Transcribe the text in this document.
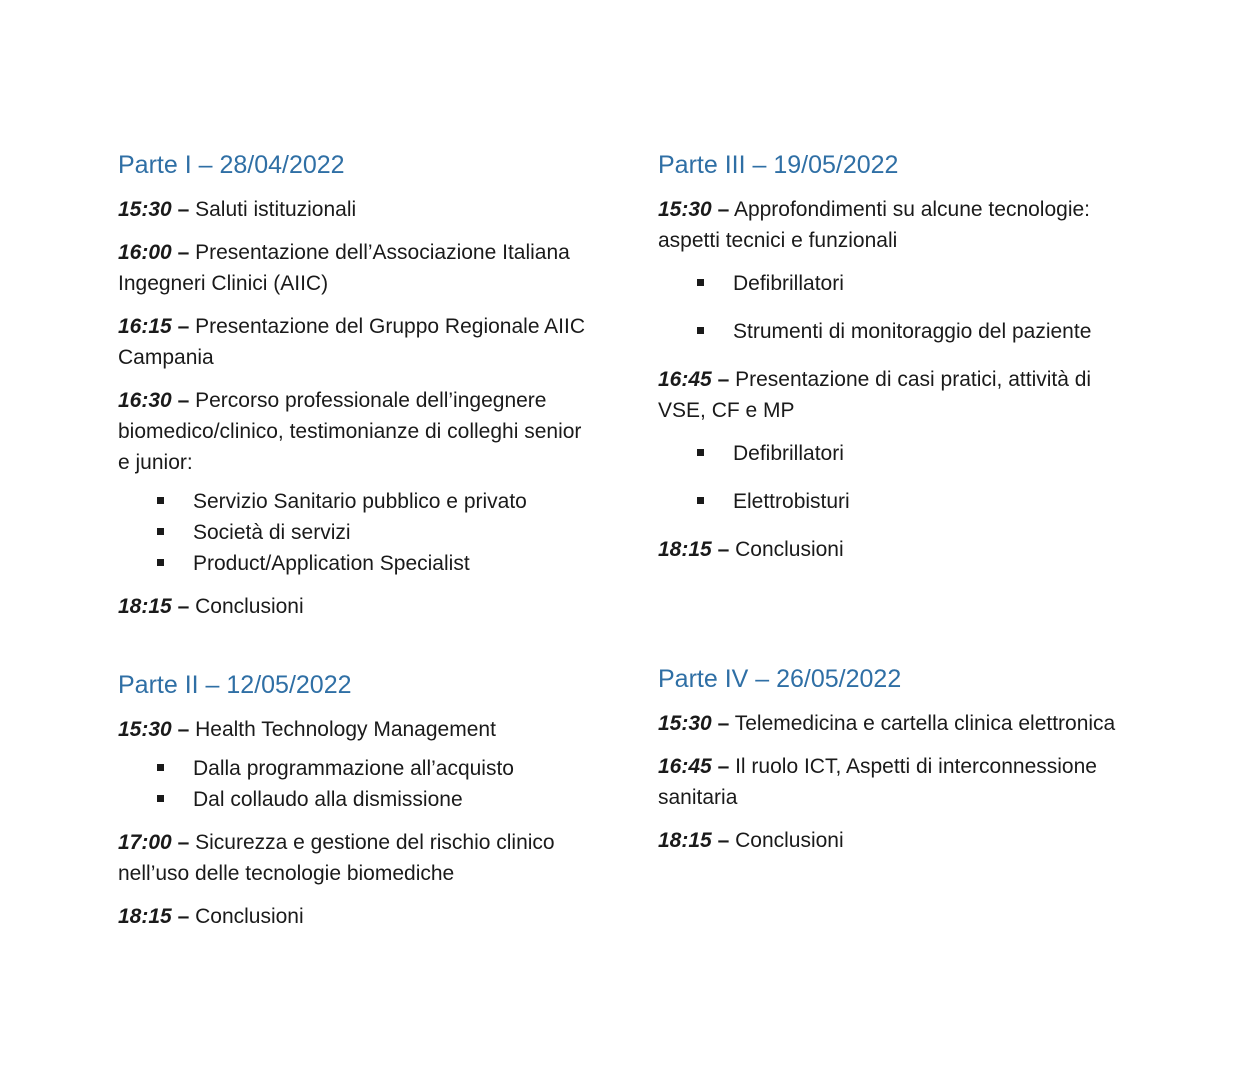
Parte I – 28/04/2022
15:30 – Saluti istituzionali
16:00 – Presentazione dell’Associazione Italiana Ingegneri Clinici (AIIC)
16:15 – Presentazione del Gruppo Regionale AIIC Campania
16:30 – Percorso professionale dell’ingegnere biomedico/clinico, testimonianze di colleghi senior e junior:
Servizio Sanitario pubblico e privato
Società di servizi
Product/Application Specialist
18:15 – Conclusioni
Parte II – 12/05/2022
15:30 – Health Technology Management
Dalla programmazione all’acquisto
Dal collaudo alla dismissione
17:00 – Sicurezza e gestione del rischio clinico nell’uso delle tecnologie biomediche
18:15 – Conclusioni
Parte III – 19/05/2022
15:30 – Approfondimenti su alcune tecnologie: aspetti tecnici e funzionali
Defibrillatori
Strumenti di monitoraggio del paziente
16:45 – Presentazione di casi pratici, attività di VSE, CF e MP
Defibrillatori
Elettrobisturi
18:15 – Conclusioni
Parte IV – 26/05/2022
15:30 – Telemedicina e cartella clinica elettronica
16:45 – Il ruolo ICT, Aspetti di interconnessione sanitaria
18:15 – Conclusioni
